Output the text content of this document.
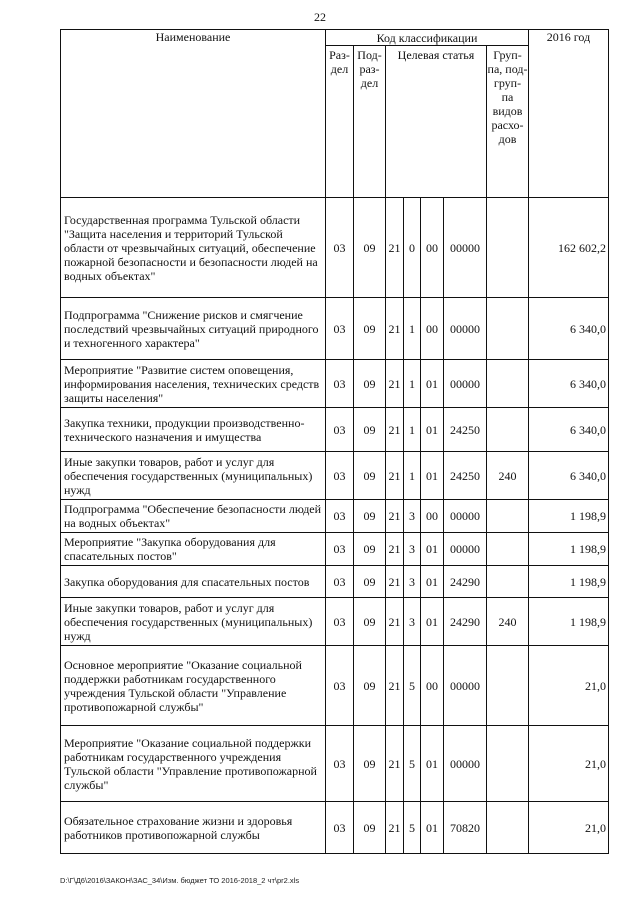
22
Наименование	Код классификации							2016 год
	Раз- дел	Под- раз- дел	Целевая статья				Груп- па, под- груп- па видов расхо- дов	
Государственная программа Тульской области "Защита населения и территорий Тульской области от чрезвычайных ситуаций, обеспечение пожарной безопасности и безопасности людей на водных объектах"	03	09	21	0	00	00000		162 602,2
Подпрограмма "Снижение рисков и смягчение последствий чрезвычайных ситуаций природного и техногенного характера"	03	09	21	1	00	00000		6 340,0
Мероприятие "Развитие систем оповещения, информирования населения, технических средств защиты населения"	03	09	21	1	01	00000		6 340,0
Закупка техники, продукции производственно-технического назначения и имущества	03	09	21	1	01	24250		6 340,0
Иные закупки товаров, работ и услуг для обеспечения государственных (муниципальных) нужд	03	09	21	1	01	24250	240	6 340,0
Подпрограмма "Обеспечение безопасности людей на водных объектах"	03	09	21	3	00	00000		1 198,9
Мероприятие "Закупка оборудования для спасательных постов"	03	09	21	3	01	00000		1 198,9
Закупка оборудования для спасательных постов	03	09	21	3	01	24290		1 198,9
Иные закупки товаров, работ и услуг для обеспечения государственных (муниципальных) нужд	03	09	21	3	01	24290	240	1 198,9
Основное мероприятие "Оказание социальной поддержки работникам государственного учреждения Тульской области "Управление противопожарной службы"	03	09	21	5	00	00000		21,0
Мероприятие "Оказание социальной поддержки работникам государственного учреждения Тульской области "Управление противопожарной службы"	03	09	21	5	01	00000		21,0
Обязательное страхование жизни и здоровья работников противопожарной службы	03	09	21	5	01	70820		21,0
D:\Г\Д6\2016\ЗАКОН\ЗАС_34\Изм. бюджет ТО 2016-2018_2 чт\pr2.xls
